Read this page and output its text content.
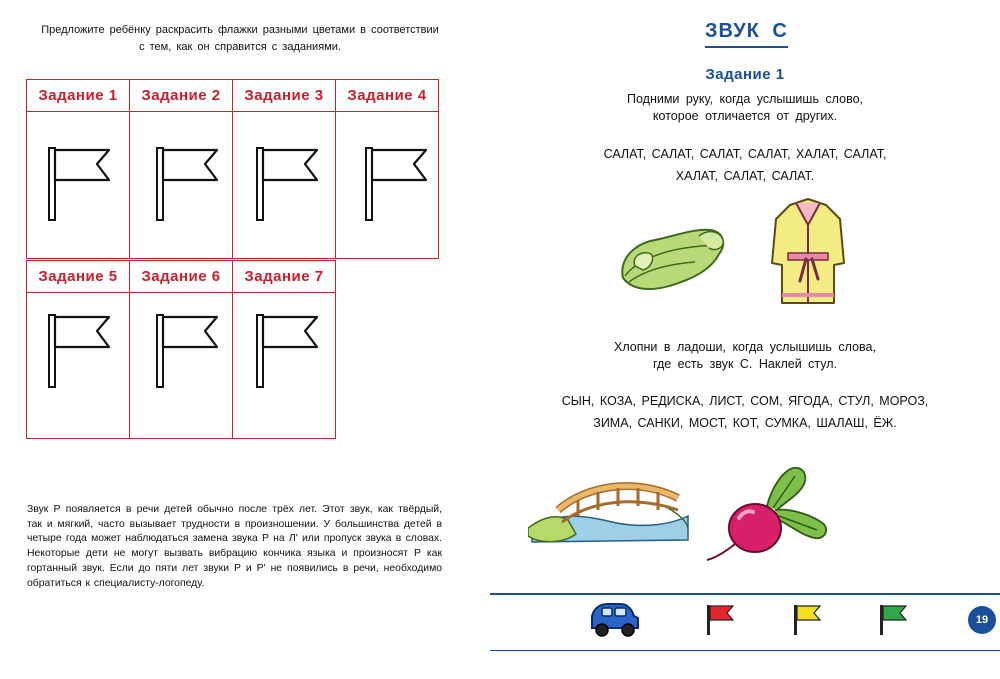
Предложите ребёнку раскрасить флажки разными цветами в соответствии с тем, как он справится с заданиями.
Задание 1	Задание 2	Задание 3	Задание 4
Задание 5	Задание 6	Задание 7
Звук Р появляется в речи детей обычно после трёх лет. Этот звук, как твёрдый, так и мягкий, часто вызывает трудности в произношении. У большинства детей в четыре года может наблюдаться замена звука Р на Л' или пропуск звука в словах. Некоторые дети не могут вызвать вибрацию кончика языка и произносят Р как гортанный звук. Если до пяти лет звуки Р и Р' не появились в речи, необходимо обратиться к специалисту-логопеду.
ЗВУК С
Задание 1
Подними руку, когда услышишь слово,
которое отличается от других.
САЛАТ, САЛАТ, САЛАТ, САЛАТ, ХАЛАТ, САЛАТ,
ХАЛАТ, САЛАТ, САЛАТ.
Хлопни в ладоши, когда услышишь слова,
где есть звук С. Наклей стул.
СЫН, КОЗА, РЕДИСКА, ЛИСТ, СОМ, ЯГОДА, СТУЛ, МОРОЗ,
ЗИМА, САНКИ, МОСТ, КОТ, СУМКА, ШАЛАШ, ЁЖ.
19
